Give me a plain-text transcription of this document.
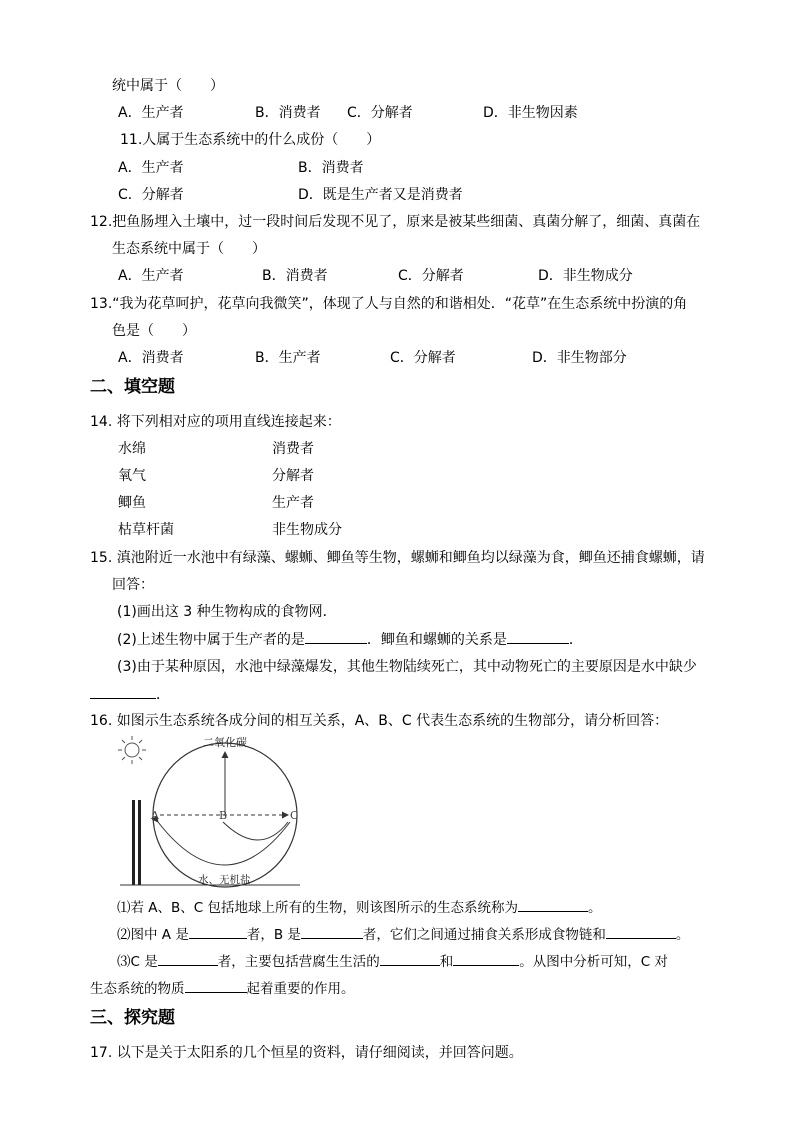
统中属于（　　）
A．生产者	B．消费者 C．分解者	D．非生物因素
11.人属于生态系统中的什么成份（　　）
A．生产者	B．消费者
C．分解者	D．既是生产者又是消费者
12.把鱼肠埋入土壤中，过一段时间后发现不见了，原来是被某些细菌、真菌分解了，细菌、真菌在
生态系统中属于（　　）
A．生产者	B．消费者	C．分解者	D．非生物成分
13.“我为花草呵护，花草向我微笑”，体现了人与自然的和谐相处．“花草”在生态系统中扮演的角
色是（　　）
A．消费者	B．生产者	C．分解者	D．非生物部分
二、填空题
14. 将下列相对应的项用直线连接起来：
水绵	消费者
氧气	分解者
鲫鱼	生产者
枯草杆菌	非生物成分
15. 滇池附近一水池中有绿藻、螺蛳、鲫鱼等生物，螺蛳和鲫鱼均以绿藻为食，鲫鱼还捕食螺蛳，请
回答：
(1)画出这 3 种生物构成的食物网．
(2)上述生物中属于生产者的是	．鲫鱼和螺蛳的关系是	．
(3)由于某种原因，水池中绿藻爆发，其他生物陆续死亡，其中动物死亡的主要原因是水中缺少
．
16. 如图示生态系统各成分间的相互关系，A、B、C 代表生态系统的生物部分，请分析回答：
二氧化碳
A	B	C
水、无机盐
⑴若 A、B、C 包括地球上所有的生物，则该图所示的生态系统称为	。
⑵图中 A 是	者，B 是	者，它们之间通过捕食关系形成食物链和	。
⑶C 是	者，主要包括营腐生生活的	和	。从图中分析可知，C 对
生态系统的物质	起着重要的作用。
三、探究题
17. 以下是关于太阳系的几个恒星的资料，请仔细阅读，并回答问题。
